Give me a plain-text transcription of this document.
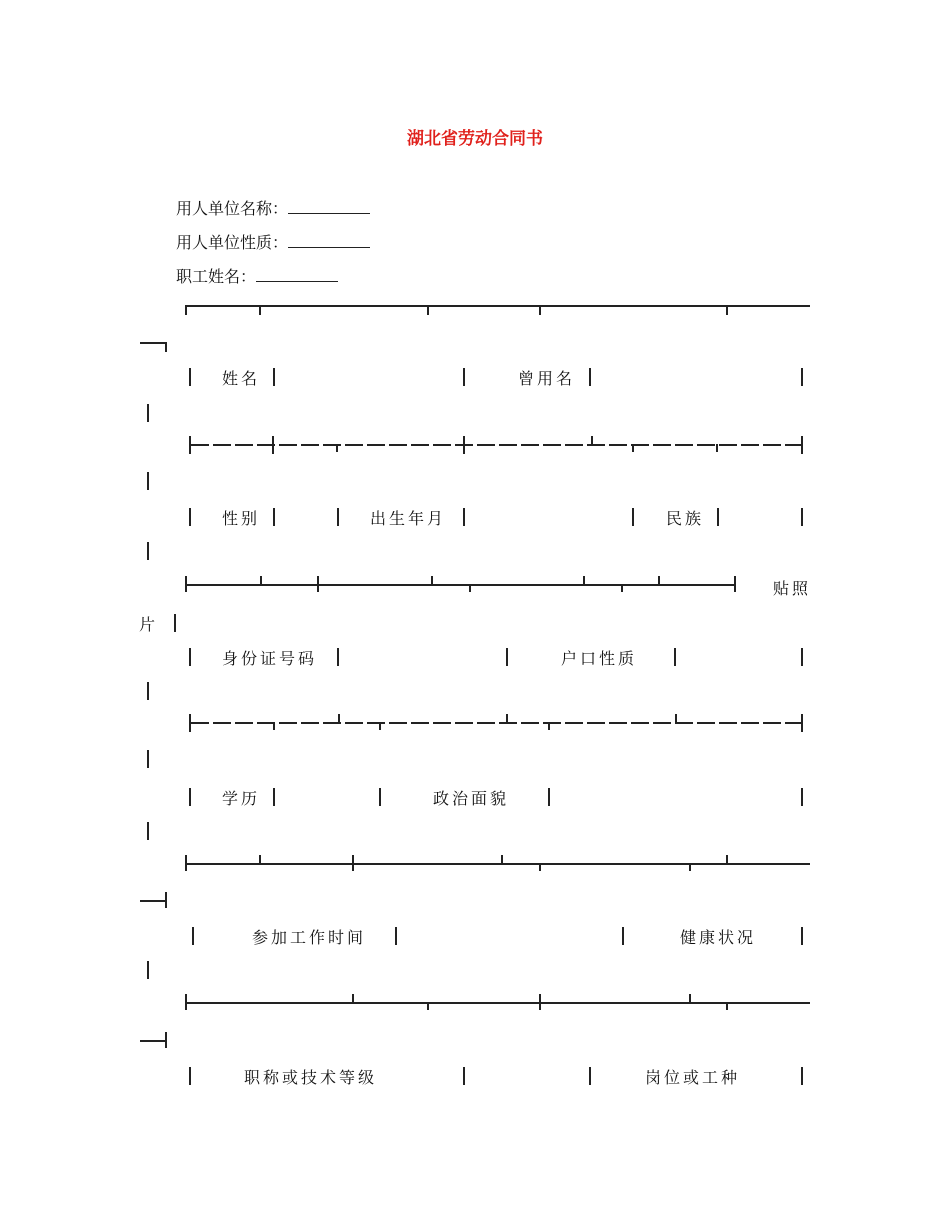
湖北省劳动合同书
用人单位名称：
用人单位性质：
职工姓名：
姓名	曾用名
性别	出生年月	民族
贴照
片
身份证号码	户口性质
学历	政治面貌
参加工作时间	健康状况
职称或技术等级	岗位或工种
